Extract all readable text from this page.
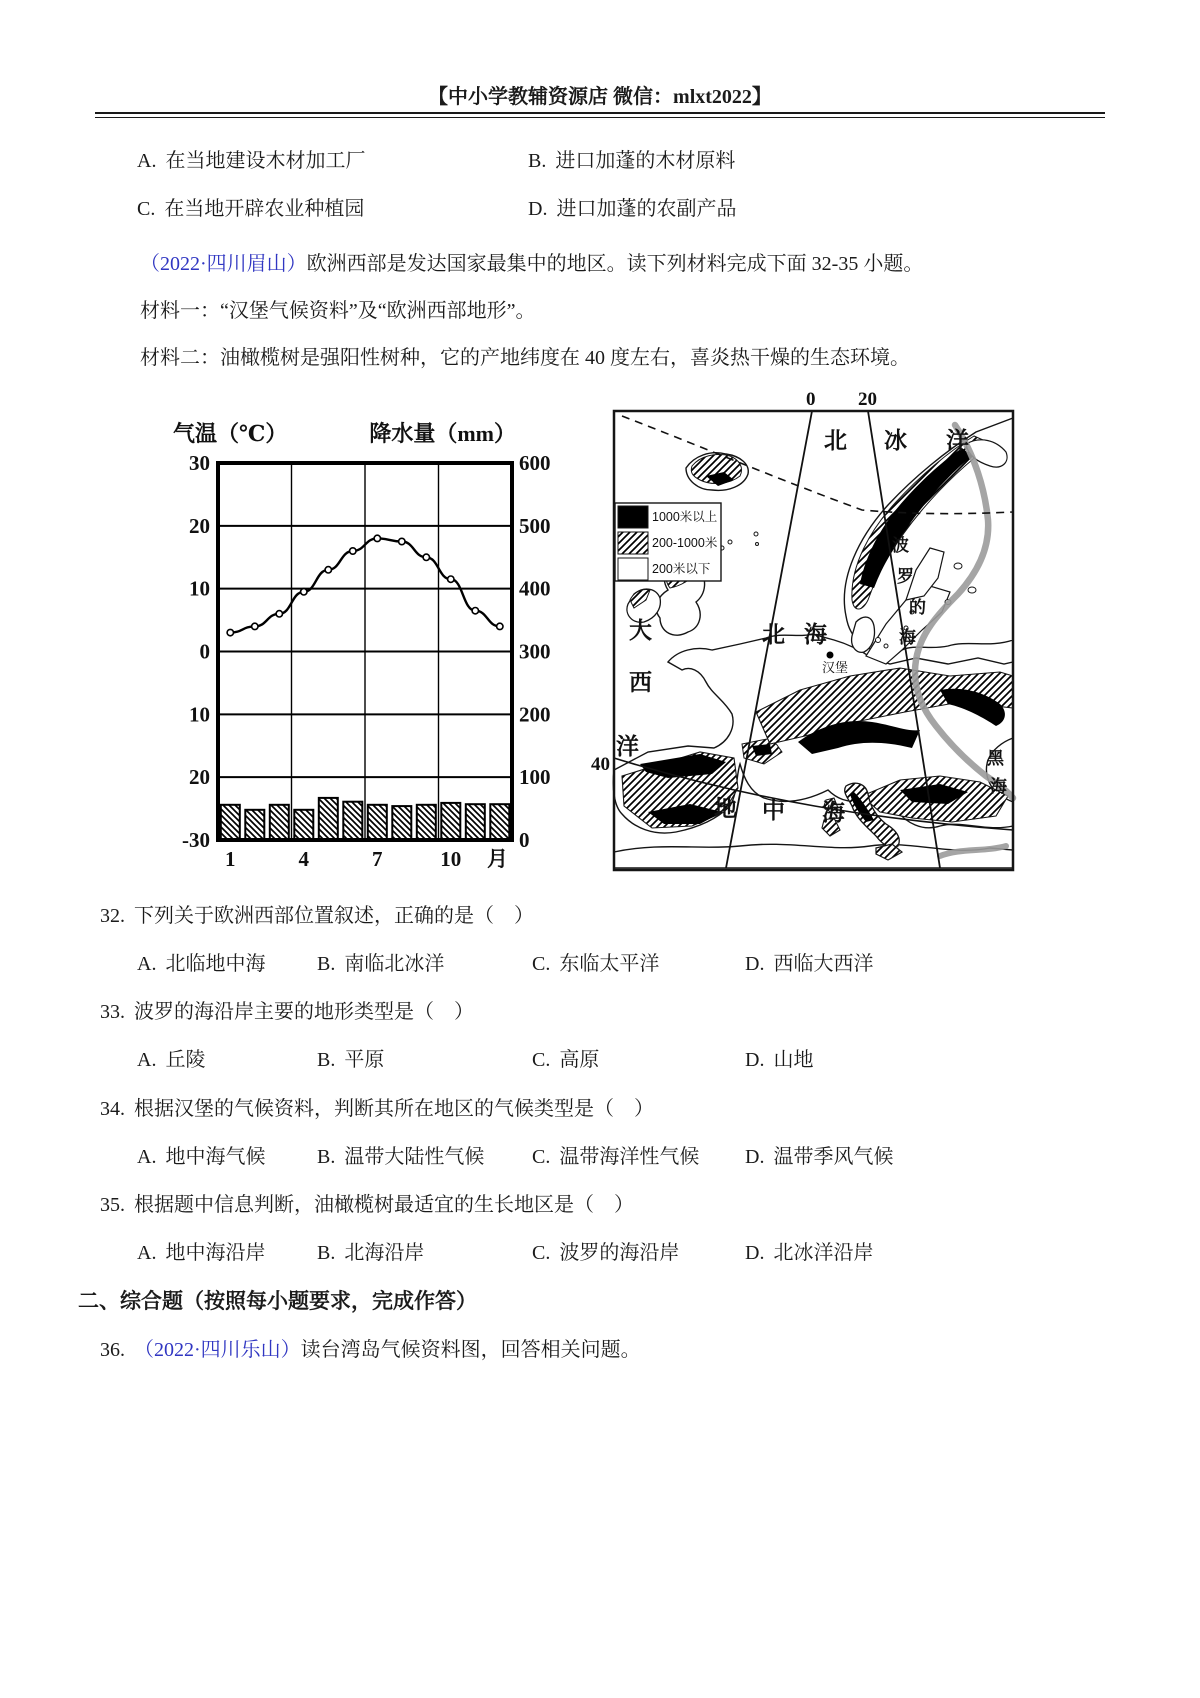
【中小学教辅资源店 微信：mlxt2022】
A. 在当地建设木材加工厂	B. 进口加蓬的木材原料
C. 在当地开辟农业种植园	D. 进口加蓬的农副产品
（2022·四川眉山）欧洲西部是发达国家最集中的地区。读下列材料完成下面 32-35 小题。
材料一：“汉堡气候资料”及“欧洲西部地形”。
材料二：油橄榄树是强阳性树种，它的产地纬度在 40 度左右，喜炎热干燥的生态环境。
气温（℃）	降水量（mm）
30
20
10
0
10
20
-30
600
500
400
300
200
100
0
1	4	7	10 月
1000米以上
200-1000米
200米以下
0 20
40
北 冰 洋
大
西
洋
北 海
波
罗
的
海
黑
海
地 中 海
汉堡
32. 下列关于欧洲西部位置叙述，正确的是（　）
A. 北临地中海	B. 南临北冰洋	C. 东临太平洋	D. 西临大西洋
33. 波罗的海沿岸主要的地形类型是（　）
A. 丘陵	B. 平原	C. 高原	D. 山地
34. 根据汉堡的气候资料，判断其所在地区的气候类型是（　）
A. 地中海气候	B. 温带大陆性气候 C. 温带海洋性气候 D. 温带季风气候
35. 根据题中信息判断，油橄榄树最适宜的生长地区是（　）
A. 地中海沿岸	B. 北海沿岸	C. 波罗的海沿岸	D. 北冰洋沿岸
二、综合题（按照每小题要求，完成作答）
36. （2022·四川乐山）读台湾岛气候资料图，回答相关问题。
